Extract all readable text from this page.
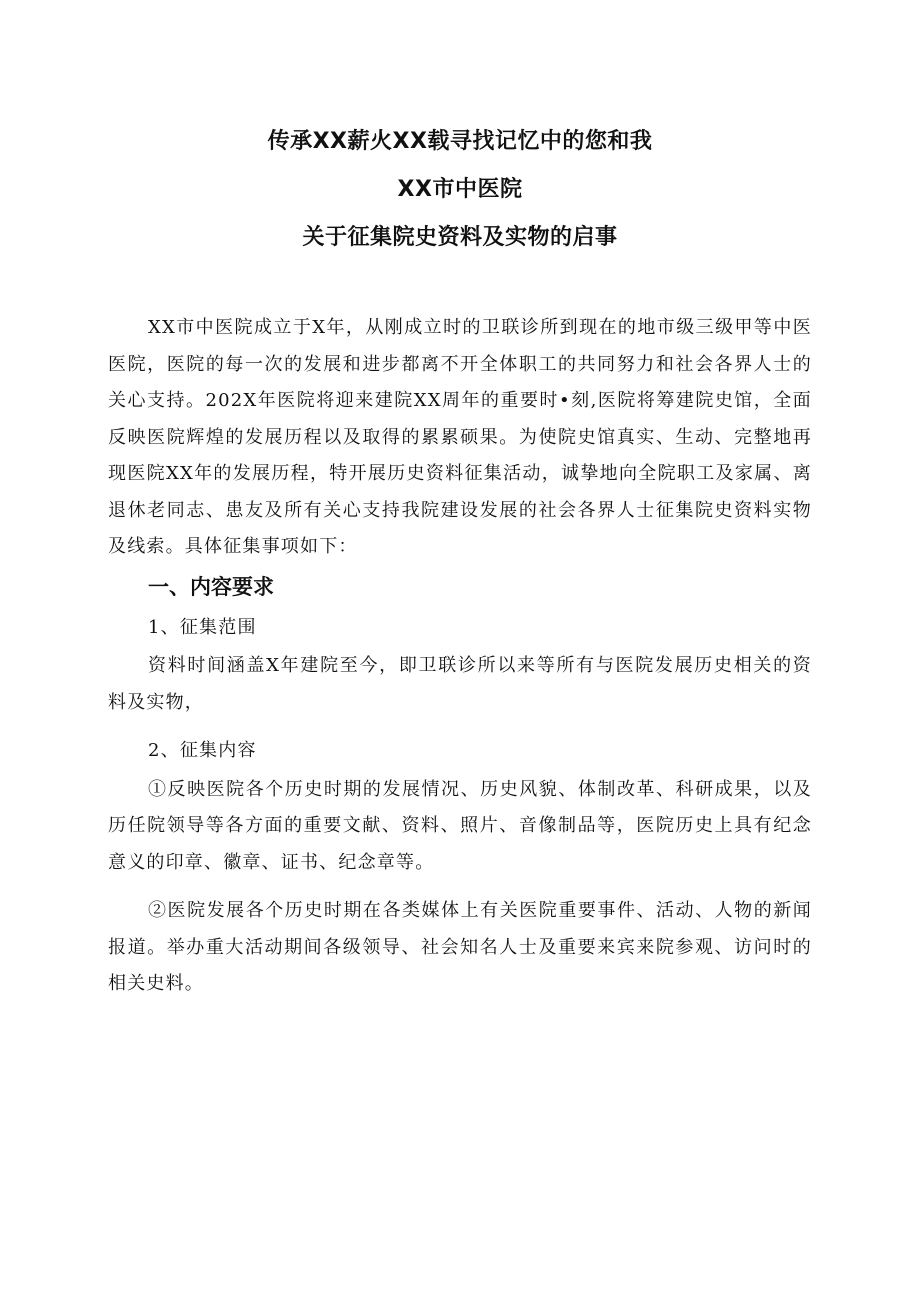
传承XX薪火XX载寻找记忆中的您和我
XX市中医院
关于征集院史资料及实物的启事

XX市中医院成立于X年，从刚成立时的卫联诊所到现在的地市级三级甲等中医医院，医院的每一次的发展和进步都离不开全体职工的共同努力和社会各界人士的关心支持。202X年医院将迎来建院XX周年的重要时•刻,医院将筹建院史馆，全面反映医院辉煌的发展历程以及取得的累累硕果。为使院史馆真实、生动、完整地再现医院XX年的发展历程，特开展历史资料征集活动，诚挚地向全院职工及家属、离退休老同志、患友及所有关心支持我院建设发展的社会各界人士征集院史资料实物及线索。具体征集事项如下：

一、内容要求

1、征集范围

资料时间涵盖X年建院至今，即卫联诊所以来等所有与医院发展历史相关的资料及实物，

2、征集内容

①反映医院各个历史时期的发展情况、历史风貌、体制改革、科研成果，以及历任院领导等各方面的重要文献、资料、照片、音像制品等，医院历史上具有纪念意义的印章、徽章、证书、纪念章等。

②医院发展各个历史时期在各类媒体上有关医院重要事件、活动、人物的新闻报道。举办重大活动期间各级领导、社会知名人士及重要来宾来院参观、访问时的相关史料。
